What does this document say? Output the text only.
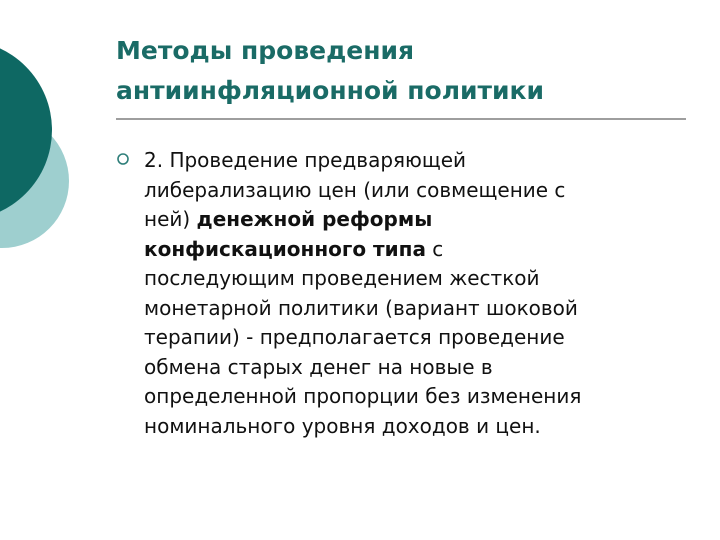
Методы проведения
антиинфляционной политики

2. Проведение предваряющей
либерализацию цен (или совмещение с
ней) денежной реформы
конфискационного типа с
последующим проведением жесткой
монетарной политики (вариант шоковой
терапии) - предполагается проведение
обмена старых денег на новые в
определенной пропорции без изменения
номинального уровня доходов и цен.
